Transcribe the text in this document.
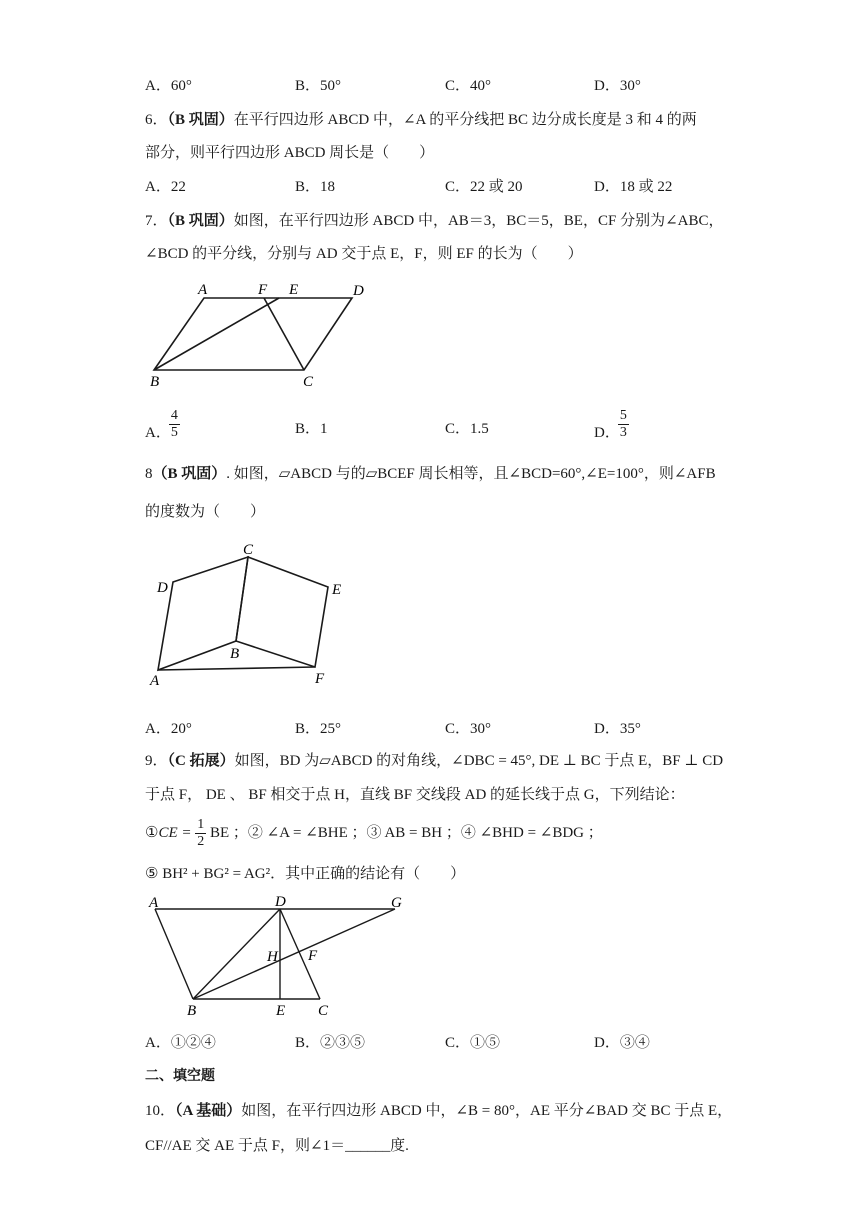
A．60°	B．50°	C．40°	D．30°
6．（B 巩固）在平行四边形 ABCD 中，∠A 的平分线把 BC 边分成长度是 3 和 4 的两
部分，则平行四边形 ABCD 周长是（　　）
A．22	B．18	C．22 或 20	D．18 或 22
7．（B 巩固）如图，在平行四边形 ABCD 中，AB＝3，BC＝5，BE，CF 分别为∠ABC，
∠BCD 的平分线，分别与 AD 交于点 E，F，则 EF 的长为（　　）
A	F E	D
B	C
A．
$\frac{4}{5}$	B．1	C．1.5	D．
$\frac{5}{3}$
8（B 巩固）. 如图，▱ABCD 与的▱BCEF 周长相等，且∠BCD=60°,∠E=100°，则∠AFB
的度数为（　　）
C
D	E
B
A	F
A．20°	B．25°	C．30°	D．35°
9．（C 拓展）如图，BD 为▱ABCD 的对角线，∠DBC = 45°, DE ⊥ BC 于点 E，BF ⊥ CD
于点 F， DE 、 BF 相交于点 H，直线 BF 交线段 AD 的延长线于点 G，下列结论：
①CE = $\frac{1}{2}$ BE ；② ∠A = ∠BHE ；③ AB = BH ；④ ∠BHD = ∠BDG ；
⑤ BH² + BG² = AG²．其中正确的结论有（　　）
A	D	G
H F
B	E C
A．①②④	B．②③⑤	C．①⑤	D．③④
二、填空题
10．（A 基础）如图，在平行四边形 ABCD 中，∠B = 80°，AE 平分∠BAD 交 BC 于点 E，
CF//AE 交 AE 于点 F，则∠1＝______度.
